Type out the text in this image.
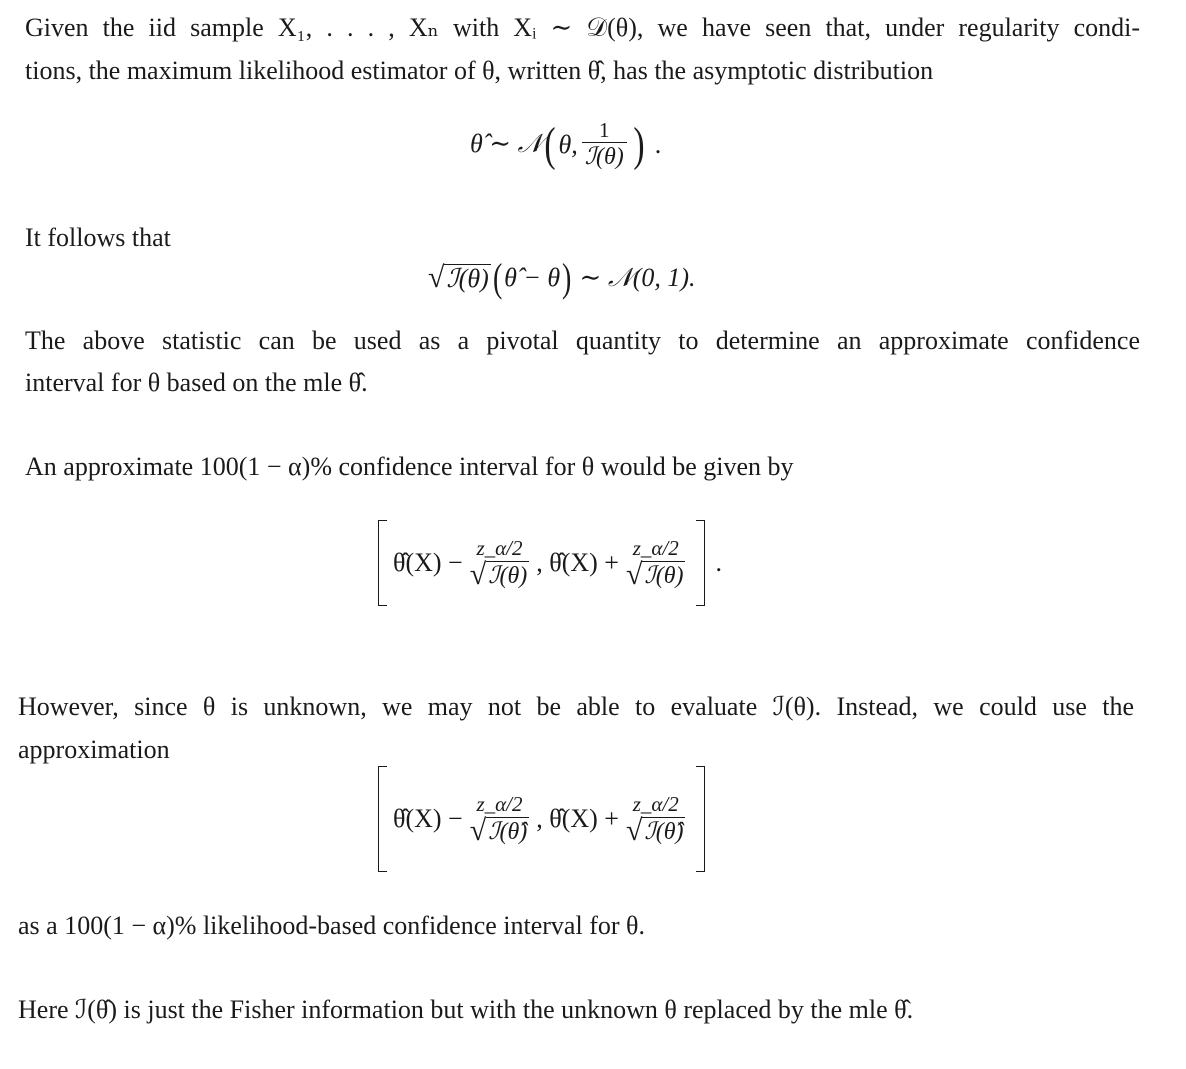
Given the iid sample X₁, . . . , Xₙ with Xᵢ ∼ 𝒟(θ), we have seen that, under regularity condi-
tions, the maximum likelihood estimator of θ, written θ̂, has the asymptotic distribution
θ̂ ∼ 𝒩 ( θ, $\frac{1}{\text{ℐ(θ)}}$ ) .
It follows that
√ ℐ(θ) ( θ̂ − θ ) ∼ 𝒩(0, 1).
The above statistic can be used as a pivotal quantity to determine an approximate confidence
interval for θ based on the mle θ̂.
An approximate 100(1 − α)% confidence interval for θ would be given by
θ̂(X) −
z_α/2
√ ℐ(θ) , θ̂(X) +
z_α/2
√ ℐ(θ) .
However, since θ is unknown, we may not be able to evaluate ℐ(θ). Instead, we could use the
approximation
θ̂(X) −
z_α/2
√ ℐ(θ̂) , θ̂(X) +
z_α/2
√ ℐ(θ̂)
as a 100(1 − α)% likelihood-based confidence interval for θ.
Here ℐ(θ̂) is just the Fisher information but with the unknown θ replaced by the mle θ̂.
